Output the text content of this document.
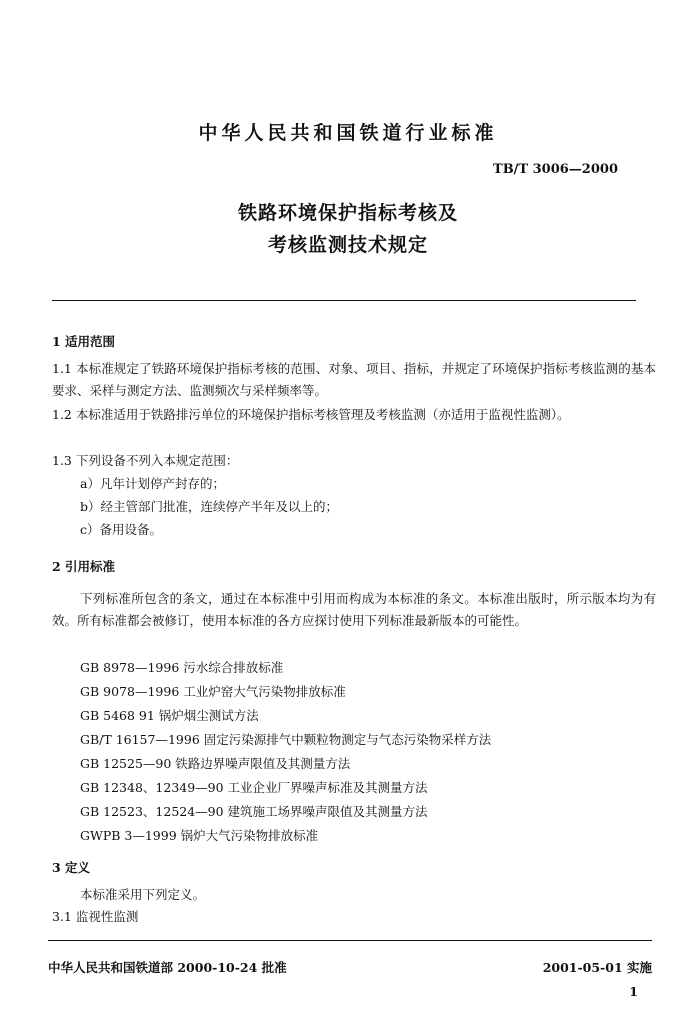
中华人民共和国铁道行业标准
TB/T 3006—2000
铁路环境保护指标考核及
考核监测技术规定
1 适用范围
1.1 本标准规定了铁路环境保护指标考核的范围、对象、项目、指标，并规定了环境保护指标考核监测的基本要求、采样与测定方法、监测频次与采样频率等。
1.2 本标准适用于铁路排污单位的环境保护指标考核管理及考核监测（亦适用于监视性监测）。
1.3 下列设备不列入本规定范围：
a）凡年计划停产封存的；
b）经主管部门批准，连续停产半年及以上的；
c）备用设备。
2 引用标准
下列标准所包含的条文，通过在本标准中引用而构成为本标准的条文。本标准出版时，所示版本均为有效。所有标准都会被修订，使用本标准的各方应探讨使用下列标准最新版本的可能性。
GB 8978—1996 污水综合排放标准
GB 9078—1996 工业炉窑大气污染物排放标准
GB 5468 91 锅炉烟尘测试方法
GB/T 16157—1996 固定污染源排气中颗粒物测定与气态污染物采样方法
GB 12525—90 铁路边界噪声限值及其测量方法
GB 12348、12349—90 工业企业厂界噪声标准及其测量方法
GB 12523、12524—90 建筑施工场界噪声限值及其测量方法
GWPB 3—1999 锅炉大气污染物排放标准
3 定义
本标准采用下列定义。
3.1 监视性监测
中华人民共和国铁道部 2000-10-24 批准	2001-05-01 实施
1
